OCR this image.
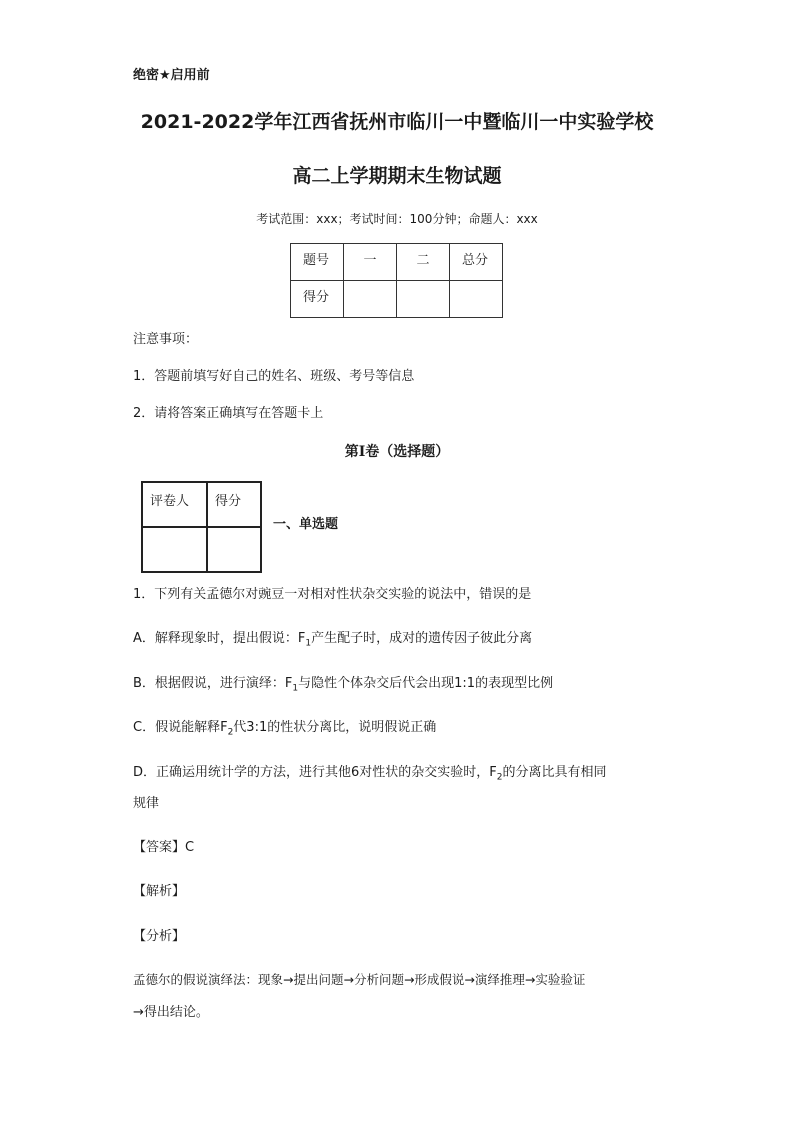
绝密★启用前
2021-2022学年江西省抚州市临川一中暨临川一中实验学校
高二上学期期末生物试题
考试范围：xxx；考试时间：100分钟；命题人：xxx
题号	一	二	总分
得分			
注意事项：
1．答题前填写好自己的姓名、班级、考号等信息
2．请将答案正确填写在答题卡上
第I卷（选择题）
评卷人	得分

一、单选题
1．下列有关孟德尔对豌豆一对相对性状杂交实验的说法中，错误的是
A．解释现象时，提出假说：$F_1$产生配子时，成对的遗传因子彼此分离
B．根据假说，进行演绎：$F_1$与隐性个体杂交后代会出现1:1的表现型比例
C．假说能解释$F_2$代3:1的性状分离比，说明假说正确
D．正确运用统计学的方法，进行其他6对性状的杂交实验时，$F_2$的分离比具有相同
规律
【答案】C
【解析】
【分析】
孟德尔的假说演绎法：现象→提出问题→分析问题→形成假说→演绎推理→实验验证
→得出结论。
